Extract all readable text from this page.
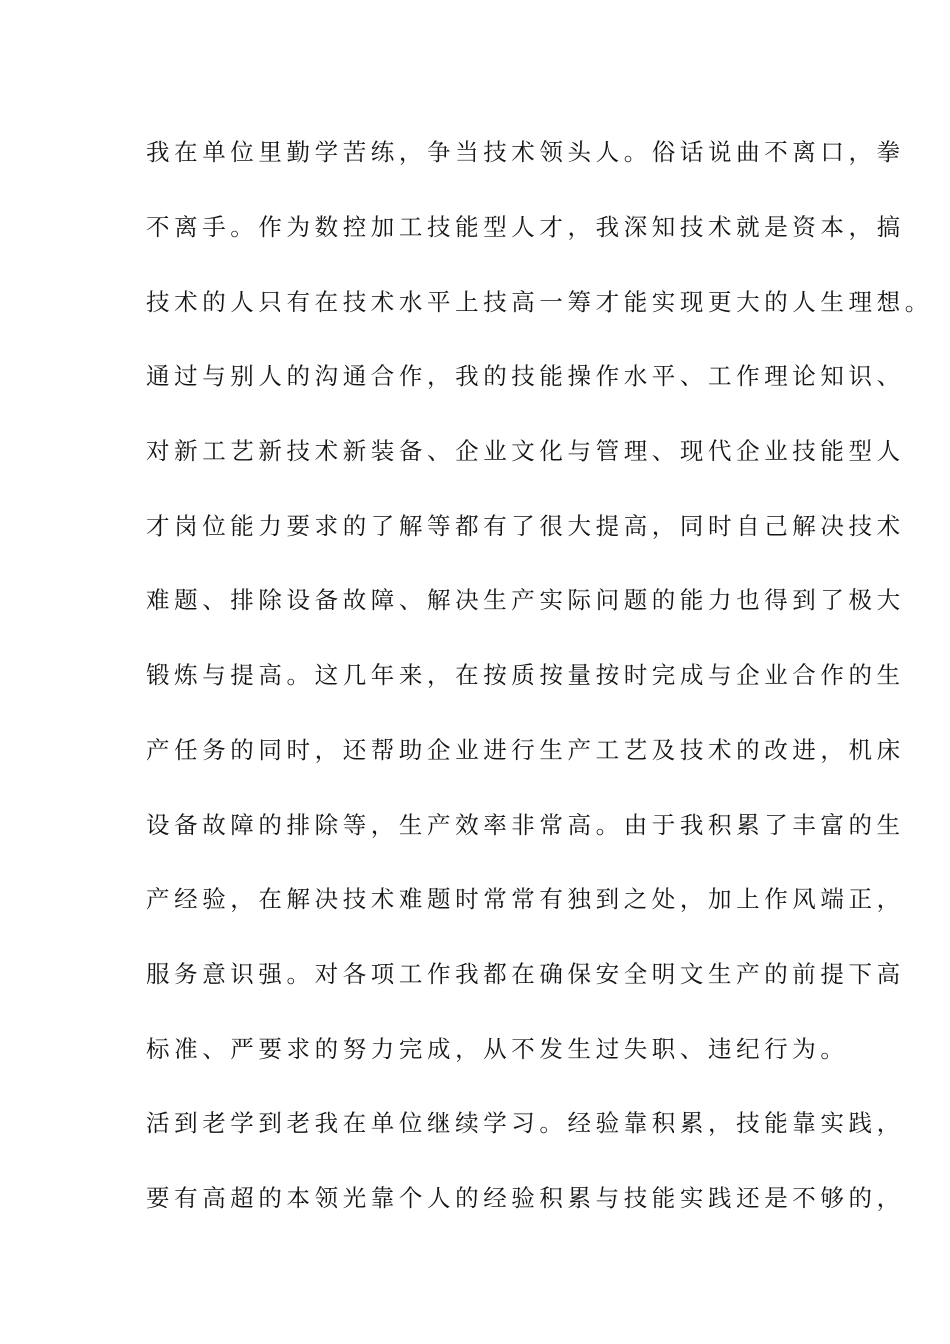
我在单位里勤学苦练，争当技术领头人。俗话说曲不离口，拳
不离手。作为数控加工技能型人才，我深知技术就是资本，搞
技术的人只有在技术水平上技高一筹才能实现更大的人生理想。
通过与别人的沟通合作，我的技能操作水平、工作理论知识、
对新工艺新技术新装备、企业文化与管理、现代企业技能型人
才岗位能力要求的了解等都有了很大提高，同时自己解决技术
难题、排除设备故障、解决生产实际问题的能力也得到了极大
锻炼与提高。这几年来，在按质按量按时完成与企业合作的生
产任务的同时，还帮助企业进行生产工艺及技术的改进，机床
设备故障的排除等，生产效率非常高。由于我积累了丰富的生
产经验，在解决技术难题时常常有独到之处，加上作风端正，
服务意识强。对各项工作我都在确保安全明文生产的前提下高
标准、严要求的努力完成，从不发生过失职、违纪行为。
活到老学到老我在单位继续学习。经验靠积累，技能靠实践，
要有高超的本领光靠个人的经验积累与技能实践还是不够的，
